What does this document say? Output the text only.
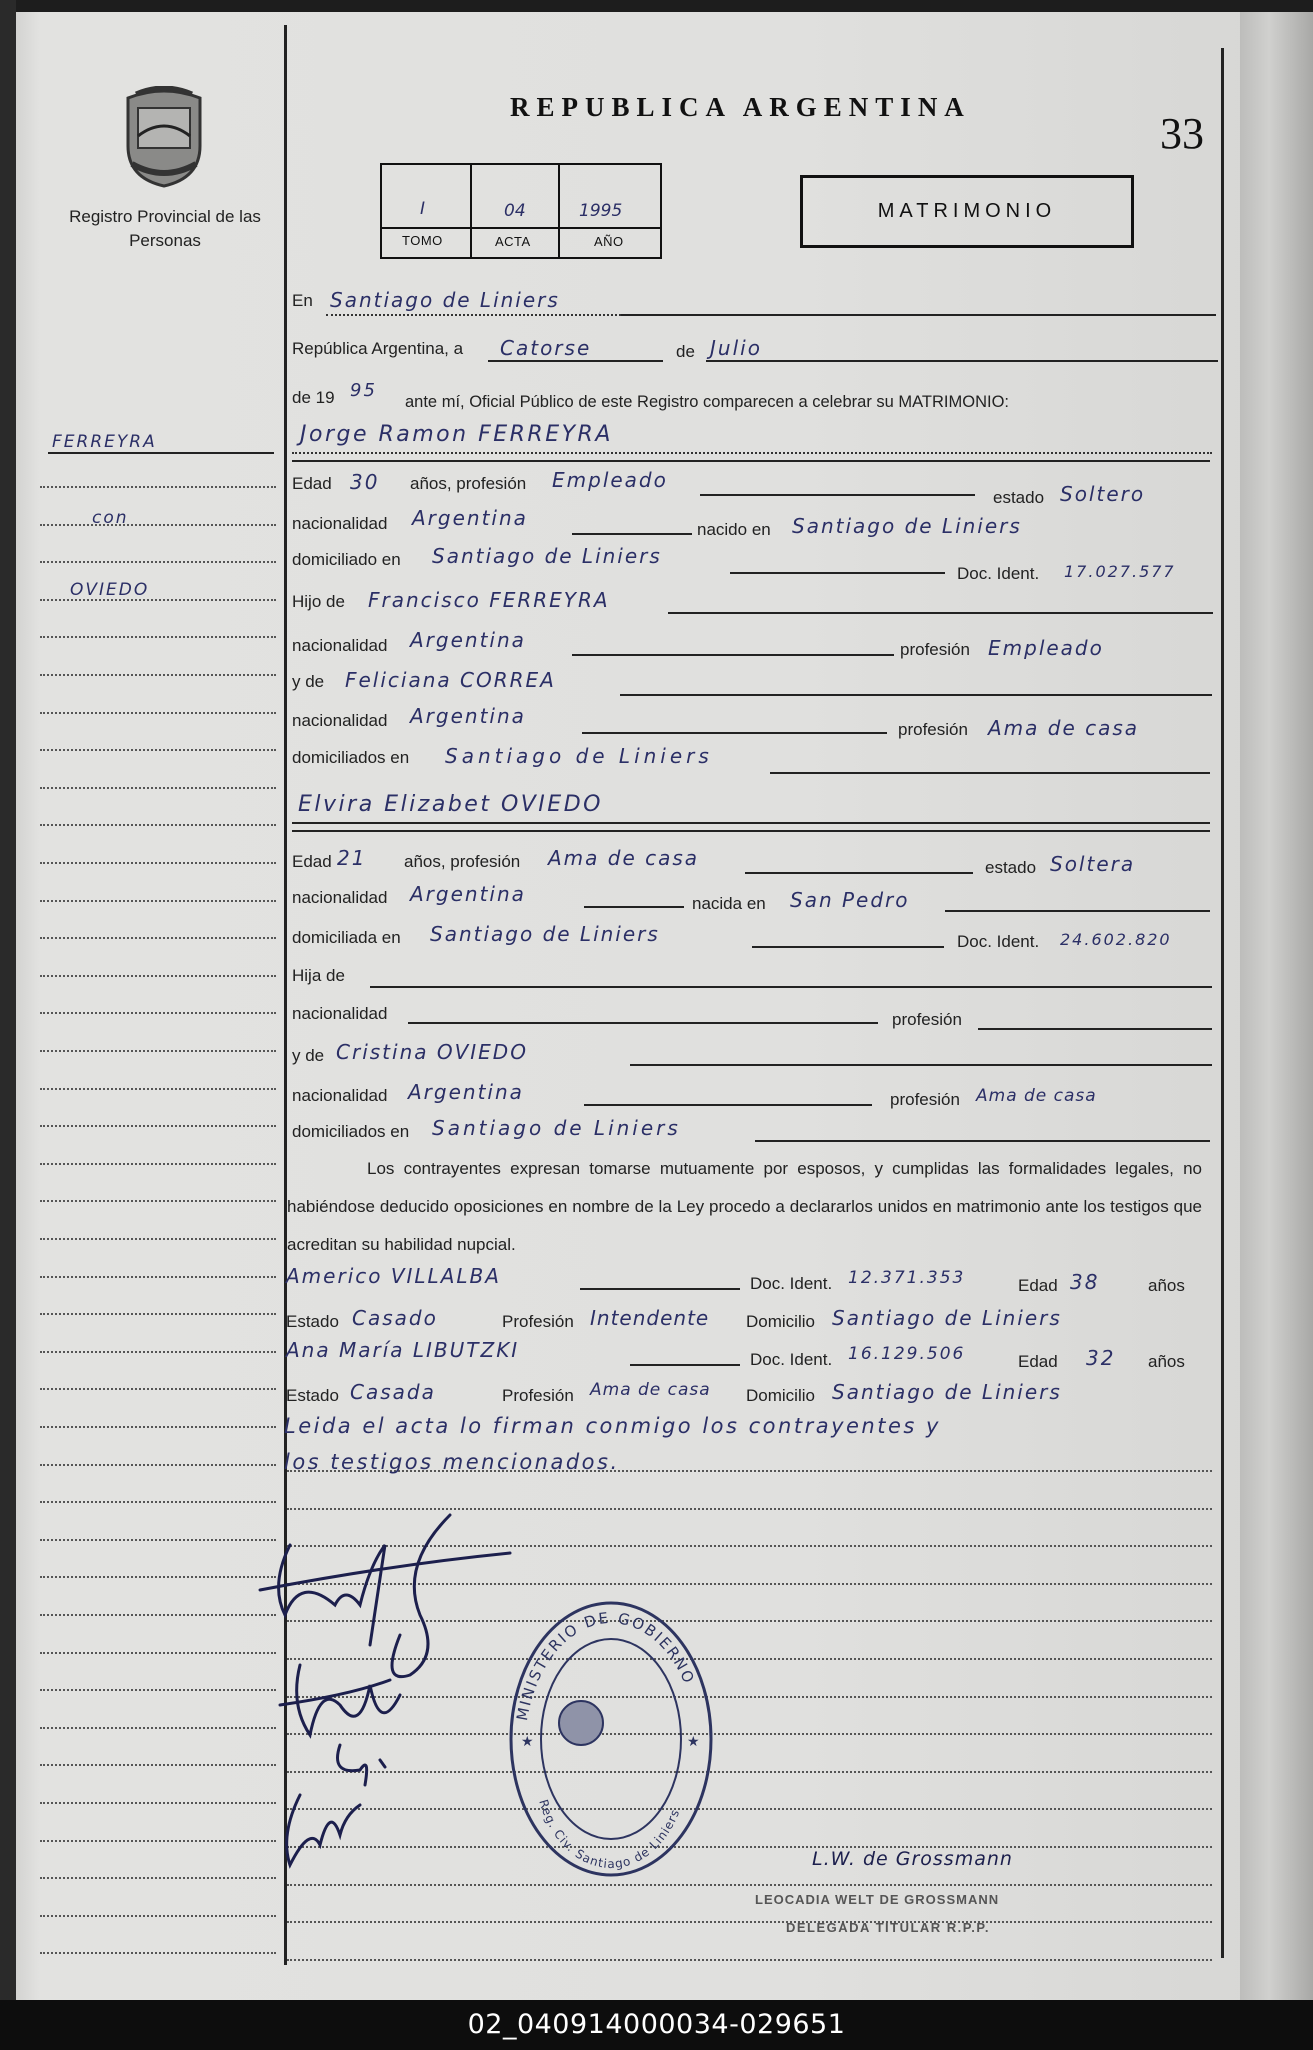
Registro Provincial de las Personas
REPUBLICA ARGENTINA
33
MATRIMONIO
I	04	1995
TOMO	ACTA	AÑO
FERREYRA
con
OVIEDO
En Santiago de Liniers
República Argentina, a Catorse	de Julio
de 19 95
ante mí, Oficial Público de este Registro comparecen a celebrar su MATRIMONIO:
Jorge Ramon FERREYRA
Edad 30 años, profesión Empleado
estado Soltero
nacionalidad Argentina	nacido en Santiago de Liniers
domiciliado en Santiago de Liniers
Doc. Ident. 17.027.577
Hijo de Francisco FERREYRA
nacionalidad Argentina	profesión Empleado
y de Feliciana CORREA
nacionalidad Argentina
profesión Ama de casa
domiciliados en Santiago de Liniers
Elvira Elizabet OVIEDO
Edad 21 años, profesión Ama de casa	estado Soltera
nacionalidad Argentina	nacida en San Pedro
domiciliada en Santiago de Liniers	Doc. Ident. 24.602.820
Hija de
nacionalidad	profesión
y de Cristina OVIEDO
nacionalidad Argentina	profesión Ama de casa
domiciliados en Santiago de Liniers
Los contrayentes expresan tomarse mutuamente por esposos, y cumplidas las formalidades legales, no habiéndose deducido oposiciones en nombre de la Ley procedo a declararlos unidos en matrimonio ante los testigos que acreditan su habilidad nupcial.
Americo VILLALBA	Doc. Ident. 12.371.353	Edad 38	años
Estado Casado	Profesión Intendente Domicilio Santiago de Liniers
Ana María LIBUTZKI	Doc. Ident. 16.129.506	Edad 32 años
Estado Casada	Profesión Ama de casa Domicilio Santiago de Liniers
Leida el acta lo firman conmigo los contrayentes y
los testigos mencionados.
MINISTERIO DE GOBIERNO
Reg. Civ. Santiago de Liniers
★	★
L.W. de Grossmann
LEOCADIA WELT DE GROSSMANN
DELEGADA TITULAR R.P.P.
02_040914000034-029651
